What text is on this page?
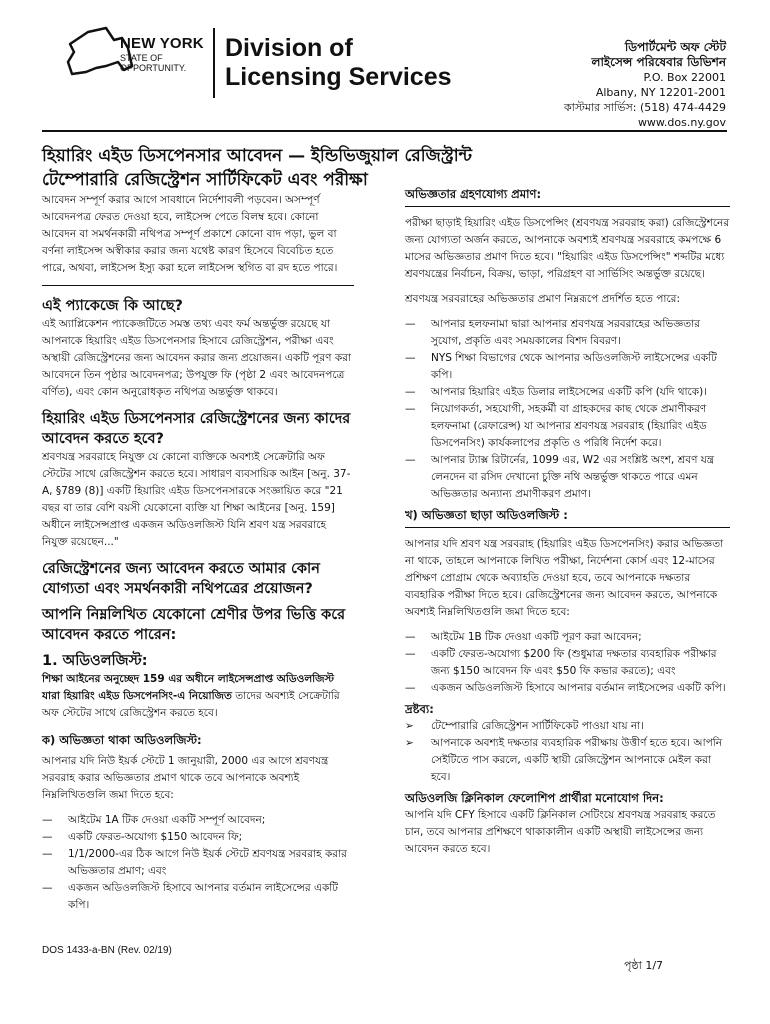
NEW YORK
STATE OF
OPPORTUNITY.
Division of
Licensing Services
ডিপার্টমেন্ট অফ স্টেট
লাইসেন্স পরিষেবার ডিভিশন
P.O. Box 22001
Albany, NY 12201-2001
কাস্টমার সার্ভিস: (518) 474-4429
www.dos.ny.gov
হিয়ারিং এইড ডিসপেনসার আবেদন — ইন্ডিভিজুয়াল রেজিস্ট্রান্ট টেম্পোরারি রেজিস্ট্রেশন সার্টিফিকেট এবং পরীক্ষা

আবেদন সম্পূর্ণ করার আগে সাবধানে নির্দেশাবলী পড়বেন। অসম্পূর্ণ আবেদনপত্র ফেরত দেওয়া হবে, লাইসেন্স পেতে বিলম্ব হবে। কোনো আবেদন বা সমর্থনকারী নথিপত্র সম্পূর্ণ প্রকাশে কোনো বাদ পড়া, ভুল বা বর্ণনা লাইসেন্স অস্বীকার করার জন্য যথেষ্ট কারণ হিসেবে বিবেচিত হতে পারে, অথবা, লাইসেন্স ইস্যু করা হলে লাইসেন্স স্থগিত বা রদ হতে পারে।

এই প্যাকেজে কি আছে?

এই অ্যাপ্লিকেশন প্যাকেজটিতে সমস্ত তথ্য এবং ফর্ম অন্তর্ভুক্ত রয়েছে যা আপনাকে হিয়ারিং এইড ডিসপেনসার হিসাবে রেজিস্ট্রেশন, পরীক্ষা এবং অস্থায়ী রেজিস্ট্রেশনের জন্য আবেদন করার জন্য প্রয়োজন। একটি পূরণ করা আবেদনে তিন পৃষ্ঠার আবেদনপত্র; উপযুক্ত ফি (পৃষ্ঠা 2 এবং আবেদনপত্রে বর্ণিত), এবং কোন অনুরোধকৃত নথিপত্র অন্তর্ভুক্ত থাকবে।

হিয়ারিং এইড ডিসপেনসার রেজিস্ট্রেশনের জন্য কাদের আবেদন করতে হবে?

শ্রবণযন্ত্র সরবরাহে নিযুক্ত যে কোনো ব্যক্তিকে অবশ্যই সেক্রেটারি অফ স্টেটের সাথে রেজিস্ট্রেশন করতে হবে। সাধারণ ব্যবসায়িক আইন [অনু. 37-A, §789 (8)] একটি হিয়ারিং এইড ডিসপেনসারকে সংজ্ঞায়িত করে "21 বছর বা তার বেশি বয়সী যেকোনো ব্যক্তি যা শিক্ষা আইনের [অনু. 159] অধীনে লাইসেন্সপ্রাপ্ত একজন অডিওলজিস্ট যিনি শ্রবণ যন্ত্র সরবরাহে নিযুক্ত রয়েছেন..."

রেজিস্ট্রেশনের জন্য আবেদন করতে আমার কোন যোগ্যতা এবং সমর্থনকারী নথিপত্রের প্রয়োজন?

আপনি নিম্নলিখিত যেকোনো শ্রেণীর উপর ভিত্তি করে আবেদন করতে পারেন:

1. অডিওলজিস্ট:

শিক্ষা আইনের অনুচ্ছেদ 159 এর অধীনে লাইসেন্সপ্রাপ্ত অডিওলজিস্ট যারা হিয়ারিং এইড ডিসপেনসিং-এ নিয়োজিত তাদের অবশ্যই সেক্রেটারি অফ স্টেটের সাথে রেজিস্ট্রেশন করতে হবে।

ক) অভিজ্ঞতা থাকা অডিওলজিস্ট:

আপনার যদি নিউ ইয়র্ক স্টেটে 1 জানুয়ারী, 2000 এর আগে শ্রবণযন্ত্র সরবরাহ করার অভিজ্ঞতার প্রমাণ থাকে তবে আপনাকে অবশ্যই নিম্নলিখিতগুলি জমা দিতে হবে:

— আইটেম 1A টিক দেওয়া একটি সম্পূর্ণ আবেদন;
— একটি ফেরত-অযোগ্য $150 আবেদন ফি;
— 1/1/2000-এর ঠিক আগে নিউ ইয়র্ক স্টেটে শ্রবণযন্ত্র সরবরাহ করার অভিজ্ঞতার প্রমাণ; এবং
— একজন অডিওলজিস্ট হিসাবে আপনার বর্তমান লাইসেন্সের একটি কপি।

অভিজ্ঞতার গ্রহণযোগ্য প্রমাণ:

পরীক্ষা ছাড়াই হিয়ারিং এইড ডিসপেন্সিং (শ্রবণযন্ত্র সরবরাহ করা) রেজিস্ট্রেশনের জন্য যোগ্যতা অর্জন করতে, আপনাকে অবশ্যই শ্রবণযন্ত্র সরবরাহে কমপক্ষে 6 মাসের অভিজ্ঞতার প্রমাণ দিতে হবে। "হিয়ারিং এইড ডিসপেন্সিং" শব্দটির মধ্যে শ্রবণযন্ত্রের নির্বাচন, বিক্রয়, ভাড়া, পরিগ্রহণ বা সার্ভিসিং অন্তর্ভুক্ত রয়েছে।

শ্রবণযন্ত্র সরবরাহের অভিজ্ঞতার প্রমাণ নিম্নরূপে প্রদর্শিত হতে পারে:

— আপনার হলফনামা দ্বারা আপনার শ্রবণযন্ত্র সরবরাহের অভিজ্ঞতার সুযোগ, প্রকৃতি এবং সময়কালের বিশদ বিবরণ।
— NYS শিক্ষা বিভাগের থেকে আপনার অডিওলজিস্ট লাইসেন্সের একটি কপি।
— আপনার হিয়ারিং এইড ডিলার লাইসেন্সের একটি কপি (যদি থাকে)।
— নিয়োগকর্তা, সহযোগী, সহকর্মী বা গ্রাহকদের কাছ থেকে প্রমাণীকরণ হলফনামা (রেফারেন্স) যা আপনার শ্রবণযন্ত্র সরবরাহ (হিয়ারিং এইড ডিসপেনসিং) কার্যকলাপের প্রকৃতি ও পরিধি নির্দেশ করে।
— আপনার ট্যাক্স রিটার্নের, 1099 এর, W2 এর সংশ্লিষ্ট অংশ, শ্রবণ যন্ত্র লেনদেন বা রসিদ দেখানো চুক্তি নথি অন্তর্ভুক্ত থাকতে পারে এমন অভিজ্ঞতার অন্যান্য প্রমাণীকরণ প্রমাণ।

খ) অভিজ্ঞতা ছাড়া অডিওলজিস্ট :

আপনার যদি শ্রবণ যন্ত্র সরবরাহ (হিয়ারিং এইড ডিসপেনসিং) করার অভিজ্ঞতা না থাকে, তাহলে আপনাকে লিখিত পরীক্ষা, নির্দেশনা কোর্স এবং 12-মাসের প্রশিক্ষণ প্রোগ্রাম থেকে অব্যাহতি দেওয়া হবে, তবে আপনাকে দক্ষতার ব্যবহারিক পরীক্ষা দিতে হবে। রেজিস্ট্রেশনের জন্য আবেদন করতে, আপনাকে অবশ্যই নিম্নলিখিতগুলি জমা দিতে হবে:

— আইটেম 1B টিক দেওয়া একটি পূরণ করা আবেদন;
— একটি ফেরত-অযোগ্য $200 ফি (শুধুমাত্র দক্ষতার ব্যবহারিক পরীক্ষার জন্য $150 আবেদন ফি এবং $50 ফি কভার করতে); এবং
— একজন অডিওলজিস্ট হিসাবে আপনার বর্তমান লাইসেন্সের একটি কপি।

দ্রষ্টব্য:

➢ টেম্পোরারি রেজিস্ট্রেশন সার্টিফিকেট পাওয়া যায় না।
➢ আপনাকে অবশ্যই দক্ষতার ব্যবহারিক পরীক্ষায় উত্তীর্ণ হতে হবে। আপনি সেইটিতে পাস করলে, একটি স্থায়ী রেজিস্ট্রেশন আপনাকে মেইল করা হবে।

অডিওলজি ক্লিনিকাল ফেলোশিপ প্রার্থীরা মনোযোগ দিন:

আপনি যদি CFY হিসাবে একটি ক্লিনিকাল সেটিংয়ে শ্রবণযন্ত্র সরবরাহ করতে চান, তবে আপনার প্রশিক্ষণে থাকাকালীন একটি অস্থায়ী লাইসেন্সের জন্য আবেদন করতে হবে।

DOS 1433-a-BN (Rev. 02/19)
পৃষ্ঠা 1/7
